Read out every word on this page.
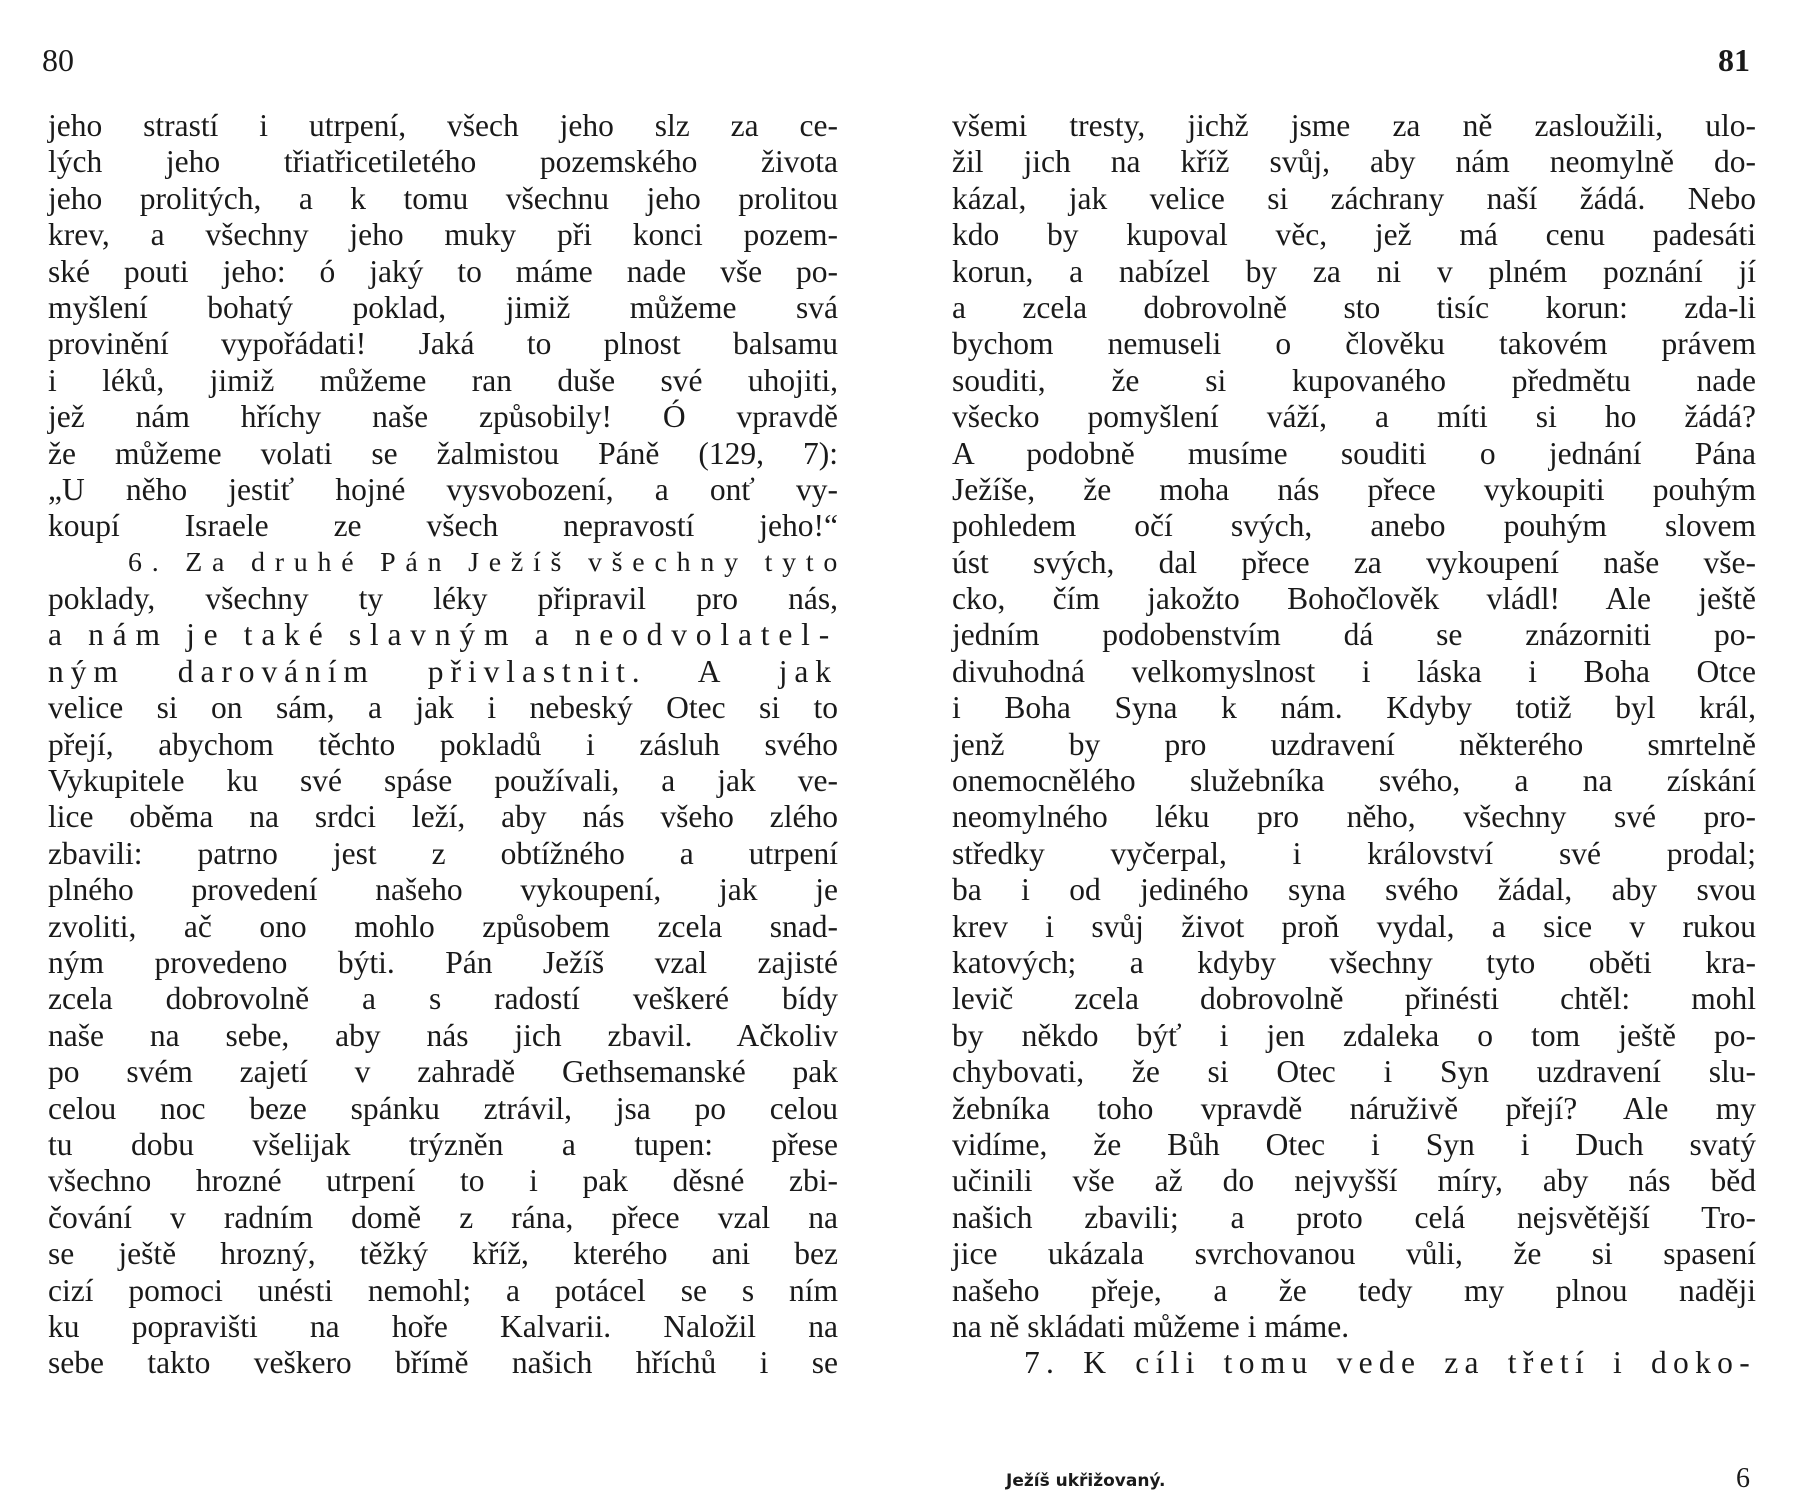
80	81
jeho strastí i utrpení, všech jeho slz za ce-
lých jeho třiatřicetiletého pozemského života
jeho prolitých, a k tomu všechnu jeho prolitou
krev, a všechny jeho muky při konci pozem-
ské pouti jeho: ó jaký to máme nade vše po-
myšlení bohatý poklad, jimiž můžeme svá
provinění vypořádati! Jaká to plnost balsamu
i léků, jimiž můžeme ran duše své uhojiti,
jež nám hříchy naše způsobily! Ó vpravdě
že můžeme volati se žalmistou Páně (129, 7):
„U něho jestiť hojné vysvobození, a onť vy-
koupí Israele ze všech nepravostí jeho!“
6. Za druhé Pán Ježíš všechny tyto
poklady, všechny ty léky připravil pro nás,
a nám je také slavným a neodvolatel-
ným darováním přivlastnit. A jak
velice si on sám, a jak i nebeský Otec si to
přejí, abychom těchto pokladů i zásluh svého
Vykupitele ku své spáse používali, a jak ve-
lice oběma na srdci leží, aby nás všeho zlého
zbavili: patrno jest z obtížného a utrpení
plného provedení našeho vykoupení, jak je
zvoliti, ač ono mohlo způsobem zcela snad-
ným provedeno býti. Pán Ježíš vzal zajisté
zcela dobrovolně a s radostí veškeré bídy
naše na sebe, aby nás jich zbavil. Ačkoliv
po svém zajetí v zahradě Gethsemanské pak
celou noc beze spánku ztrávil, jsa po celou
tu dobu všelijak trýzněn a tupen: přese
všechno hrozné utrpení to i pak děsné zbi-
čování v radním domě z rána, přece vzal na
se ještě hrozný, těžký kříž, kterého ani bez
cizí pomoci unésti nemohl; a potácel se s ním
ku popravišti na hoře Kalvarii. Naložil na
sebe takto veškero břímě našich hříchů i se
všemi tresty, jichž jsme za ně zasloužili, ulo-
žil jich na kříž svůj, aby nám neomylně do-
kázal, jak velice si záchrany naší žádá. Nebo
kdo by kupoval věc, jež má cenu padesáti
korun, a nabízel by za ni v plném poznání jí
a zcela dobrovolně sto tisíc korun: zda-li
bychom nemuseli o člověku takovém právem
souditi, že si kupovaného předmětu nade
všecko pomyšlení váží, a míti si ho žádá?
A podobně musíme souditi o jednání Pána
Ježíše, že moha nás přece vykoupiti pouhým
pohledem očí svých, anebo pouhým slovem
úst svých, dal přece za vykoupení naše vše-
cko, čím jakožto Bohočlověk vládl! Ale ještě
jedním podobenstvím dá se znázorniti po-
divuhodná velkomyslnost i láska i Boha Otce
i Boha Syna k nám. Kdyby totiž byl král,
jenž by pro uzdravení některého smrtelně
onemocnělého služebníka svého, a na získání
neomylného léku pro něho, všechny své pro-
středky vyčerpal, i království své prodal;
ba i od jediného syna svého žádal, aby svou
krev i svůj život proň vydal, a sice v rukou
katových; a kdyby všechny tyto oběti kra-
levič zcela dobrovolně přinésti chtěl: mohl
by někdo býť i jen zdaleka o tom ještě po-
chybovati, že si Otec i Syn uzdravení slu-
žebníka toho vpravdě náruživě přejí? Ale my
vidíme, že Bůh Otec i Syn i Duch svatý
učinili vše až do nejvyšší míry, aby nás běd
našich zbavili; a proto celá nejsvětější Tro-
jice ukázala svrchovanou vůli, že si spasení
našeho přeje, a že tedy my plnou naději
na ně skládati můžeme i máme.
7. K cíli tomu vede za třetí i doko-
Ježíš ukřižovaný.	6
